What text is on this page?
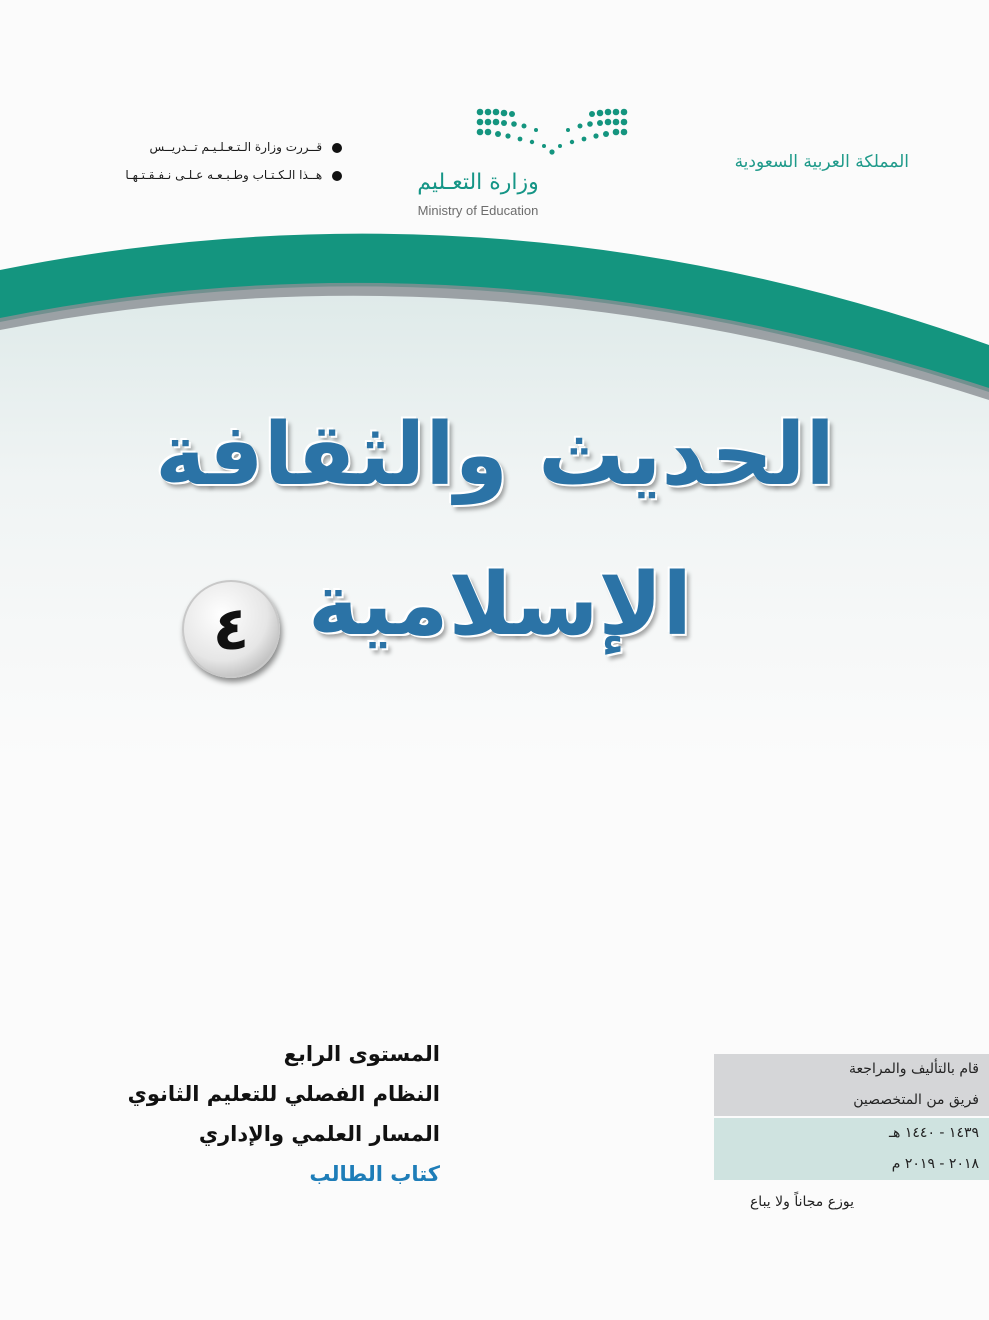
قــررت وزارة الـتـعـلـيـم تــدريــس
هــذا الـكـتـاب وطـبـعـه عـلـى نـفـقـتـهـا	وزارة التعـليم
Ministry of Education
المملكة العربية السعودية
الحديث والثقافة
الإسلامية
٤
المستوى الرابع
النظام الفصلي للتعليم الثانوي
المسار العلمي والإداري
كتاب الطالب
قام بالتأليف والمراجعة
فريق من المتخصصين
١٤٣٩ - ١٤٤٠ هـ
٢٠١٨ - ٢٠١٩ م
يوزع مجاناً ولا يباع
